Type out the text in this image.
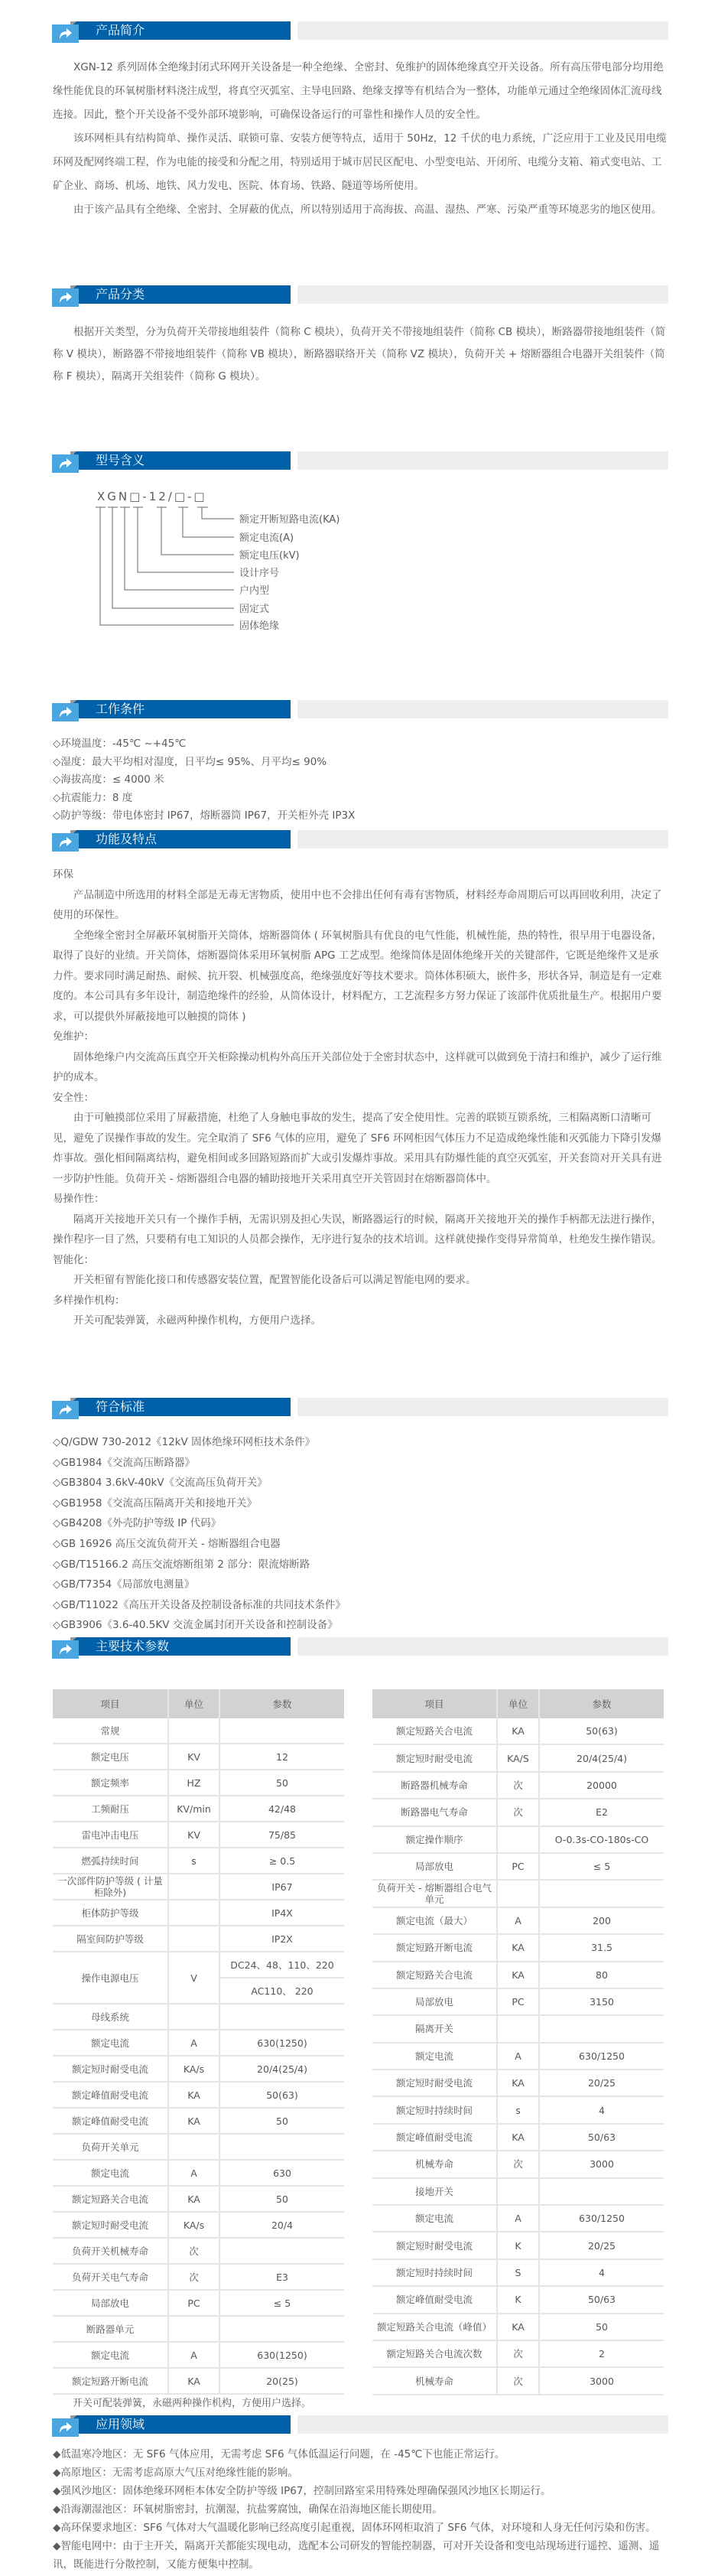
产品简介
产品分类
型号含义
工作条件
功能及特点
符合标准
主要技术参数
应用领域

XGN-12 系列固体全绝缘封闭式环网开关设备是一种全绝缘、全密封、免维护的固体绝缘真空开关设备。所有高压带电部分均用绝缘性能优良的环氧树脂材料浇注成型，将真空灭弧室、主导电回路、绝缘支撑等有机结合为一整体，功能单元通过全绝缘固体汇流母线连接。因此，整个开关设备不受外部环境影响，可确保设备运行的可靠性和操作人员的安全性。

该环网柜具有结构简单、操作灵活、联锁可靠、安装方便等特点，适用于 50Hz，12 千伏的电力系统，广泛应用于工业及民用电缆环网及配网终端工程，作为电能的接受和分配之用，特别适用于城市居民区配电、小型变电站、开闭所、电缆分支箱、箱式变电站、工矿企业、商场、机场、地铁、风力发电、医院、体育场、铁路、隧道等场所使用。

由于该产品具有全绝缘、全密封、全屏蔽的优点，所以特别适用于高海拔、高温、湿热、严寒、污染严重等环境恶劣的地区使用。

根据开关类型，分为负荷开关带接地组装件（简称 C 模块），负荷开关不带接地组装件（简称 CB 模块），断路器带接地组装件（简称 V 模块），断路器不带接地组装件（简称 VB 模块），断路器联络开关（简称 VZ 模块），负荷开关 + 熔断器组合电器开关组装件（简称 F 模块），隔离开关组装件（简称 G 模块）。

XGN□-12/□-□
额定开断短路电流(KA)
额定电流(A)
额定电压(kV)
设计序号
户内型
固定式
固体绝缘
◇环境温度：-45℃ ~+45℃
◇湿度：最大平均相对湿度，日平均≤ 95%、月平均≤ 90%
◇海拔高度：≤ 4000 米
◇抗震能力：8 度
◇防护等级：带电体密封 IP67，熔断器筒 IP67，开关柜外壳 IP3X
环保
产品制造中所选用的材料全部是无毒无害物质，使用中也不会排出任何有毒有害物质，材料经寿命周期后可以再回收利用，决定了使用的环保性。
全绝缘全密封全屏蔽环氧树脂开关筒体，熔断器筒体 ( 环氧树脂具有优良的电气性能，机械性能，热的特性，很早用于电器设备，取得了良好的业绩。开关筒体，熔断器筒体采用环氧树脂 APG 工艺成型。绝缘筒体是固体绝缘开关的关键部件，它既是绝缘件又是承力件。要求同时满足耐热、耐候、抗开裂、机械强度高，绝缘强度好等技术要求。筒体体积硕大，嵌件多，形状各异，制造是有一定难度的。本公司具有多年设计，制造绝缘件的经验，从筒体设计，材料配方，工艺流程多方努力保证了该部件优质批量生产。根据用户要求，可以提供外屏蔽接地可以触摸的筒体 )
免维护：
固体绝缘户内交流高压真空开关柜除操动机构外高压开关部位处于全密封状态中，这样就可以做到免于清扫和维护，减少了运行维护的成本。
安全性：
由于可触摸部位采用了屏蔽措施，杜绝了人身触电事故的发生，提高了安全使用性。完善的联锁互锁系统，三相隔离断口清晰可见，避免了误操作事故的发生。完全取消了 SF6 气体的应用，避免了 SF6 环网柜因气体压力不足造成绝缘性能和灭弧能力下降引发爆炸事故。强化相间隔离结构，避免相间或多回路短路而扩大或引发爆炸事故。采用具有防爆性能的真空灭弧室，开关套筒对开关具有进一步防护性能。负荷开关 - 熔断器组合电器的辅助接地开关采用真空开关管固封在熔断器筒体中。
易操作性：
隔离开关接地开关只有一个操作手柄，无需识别及担心失误，断路器运行的时候，隔离开关接地开关的操作手柄都无法进行操作，操作程序一目了然，只要稍有电工知识的人员都会操作，无序进行复杂的技术培训。这样就使操作变得异常简单，杜绝发生操作错误。
智能化：
开关柜留有智能化接口和传感器安装位置，配置智能化设备后可以满足智能电网的要求。
多样操作机构：
开关可配装弹簧，永磁两种操作机构，方便用户选择。
◇Q/GDW 730-2012《12kV 固体绝缘环网柜技术条件》
◇GB1984《交流高压断路器》
◇GB3804 3.6kV-40kV《交流高压负荷开关》
◇GB1958《交流高压隔离开关和接地开关》
◇GB4208《外壳防护等级 IP 代码》
◇GB 16926 高压交流负荷开关 - 熔断器组合电器
◇GB/T15166.2 高压交流熔断组第 2 部分：限流熔断路
◇GB/T7354《局部放电测量》
◇GB/T11022《高压开关设备及控制设备标准的共同技术条件》
◇GB3906《3.6-40.5KV 交流金属封闭开关设备和控制设备》
项目	单位	参数
常规		
额定电压	KV	12
额定频率	HZ	50
工频耐压	KV/min	42/48
雷电冲击电压	KV	75/85
燃弧持续时间	s	≥ 0.5
一次部件防护等级 ( 计量柜除外)		IP67
柜体防护等级		IP4X
隔室间防护等级		IP2X
操作电源电压	V	DC24、48、110、220
		AC110、 220
母线系统		
额定电流	A	630(1250)
额定短时耐受电流	KA/s	20/4(25/4)
额定峰值耐受电流	KA	50(63)
额定峰值耐受电流	KA	50
负荷开关单元		
额定电流	A	630
额定短路关合电流	KA	50
额定短时耐受电流	KA/s	20/4
负荷开关机械寿命	次	
负荷开关电气寿命	次	E3
局部放电	PC	≤ 5
断路器单元		
额定电流	A	630(1250)
额定短路开断电流	KA	20(25)
项目	单位	参数
额定短路关合电流	KA	50(63)
额定短时耐受电流	KA/S	20/4(25/4)
断路器机械寿命	次	20000
断路器电气寿命	次	E2
额定操作顺序		O-0.3s-CO-180s-CO
局部放电	PC	≤ 5
负荷开关 - 熔断器组合电气单元		
额定电流（最大）	A	200
额定短路开断电流	KA	31.5
额定短路关合电流	KA	80
局部放电	PC	3150
隔离开关		
额定电流	A	630/1250
额定短时耐受电流	KA	20/25
额定短时持续时间	s	4
额定峰值耐受电流	KA	50/63
机械寿命	次	3000
接地开关		
额定电流	A	630/1250
额定短时耐受电流	K	20/25
额定短时持续时间	S	4
额定峰值耐受电流	K	50/63
额定短路关合电流（峰值）	KA	50
额定短路关合电流次数	次	2
机械寿命	次	3000
开关可配装弹簧，永磁两种操作机构，方便用户选择。
◆低温寒冷地区：无 SF6 气体应用，无需考虑 SF6 气体低温运行问题，在 -45℃下也能正常运行。
◆高原地区：无需考虑高原大气压对绝缘性能的影响。
◆强风沙地区：固体绝缘环网柜本体安全防护等级 IP67，控制回路室采用特殊处理确保强风沙地区长期运行。
◆沿海潮湿池区：环氧树脂密封，抗潮湿，抗盐雾腐蚀，确保在沿海地区能长期使用。
◆高环保要求地区：SF6 气体对大气温暖化影响已经高度引起重视，固体环网柜取消了 SF6 气体，对环境和人身无任何污染和伤害。
◆智能电网中：由于主开关，隔离开关都能实现电动，选配本公司研发的智能控制器，可对开关设备和变电站现场进行遥控、遥测、遥讯，既能进行分散控制，又能方便集中控制。
